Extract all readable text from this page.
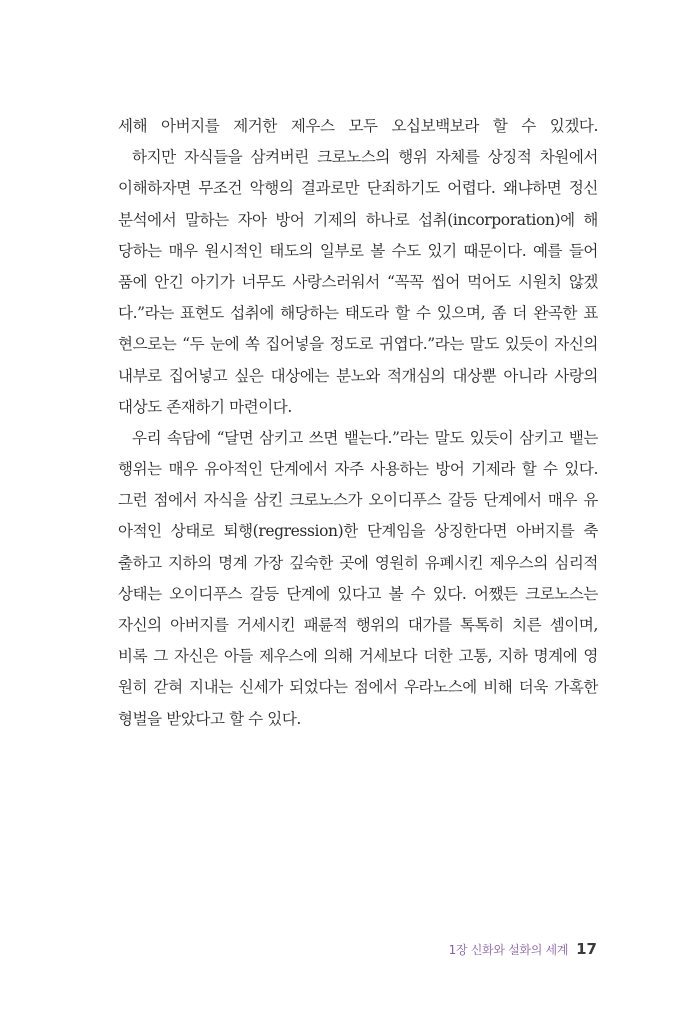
세해 아버지를 제거한 제우스 모두 오십보백보라 할 수 있겠다.
하지만 자식들을 삼켜버린 크로노스의 행위 자체를 상징적 차원에서
이해하자면 무조건 악행의 결과로만 단죄하기도 어렵다. 왜냐하면 정신
분석에서 말하는 자아 방어 기제의 하나로 섭취(incorporation)에 해
당하는 매우 원시적인 태도의 일부로 볼 수도 있기 때문이다. 예를 들어
품에 안긴 아기가 너무도 사랑스러워서 “꼭꼭 씹어 먹어도 시원치 않겠
다.”라는 표현도 섭취에 해당하는 태도라 할 수 있으며, 좀 더 완곡한 표
현으로는 “두 눈에 쏙 집어넣을 정도로 귀엽다.”라는 말도 있듯이 자신의
내부로 집어넣고 싶은 대상에는 분노와 적개심의 대상뿐 아니라 사랑의
대상도 존재하기 마련이다.
우리 속담에 “달면 삼키고 쓰면 뱉는다.”라는 말도 있듯이 삼키고 뱉는
행위는 매우 유아적인 단계에서 자주 사용하는 방어 기제라 할 수 있다.
그런 점에서 자식을 삼킨 크로노스가 오이디푸스 갈등 단계에서 매우 유
아적인 상태로 퇴행(regression)한 단계임을 상징한다면 아버지를 축
출하고 지하의 명계 가장 깊숙한 곳에 영원히 유폐시킨 제우스의 심리적
상태는 오이디푸스 갈등 단계에 있다고 볼 수 있다. 어쨌든 크로노스는
자신의 아버지를 거세시킨 패륜적 행위의 대가를 톡톡히 치른 셈이며,
비록 그 자신은 아들 제우스에 의해 거세보다 더한 고통, 지하 명계에 영
원히 갇혀 지내는 신세가 되었다는 점에서 우라노스에 비해 더욱 가혹한
형벌을 받았다고 할 수 있다.
1장 신화와 설화의 세계 17
